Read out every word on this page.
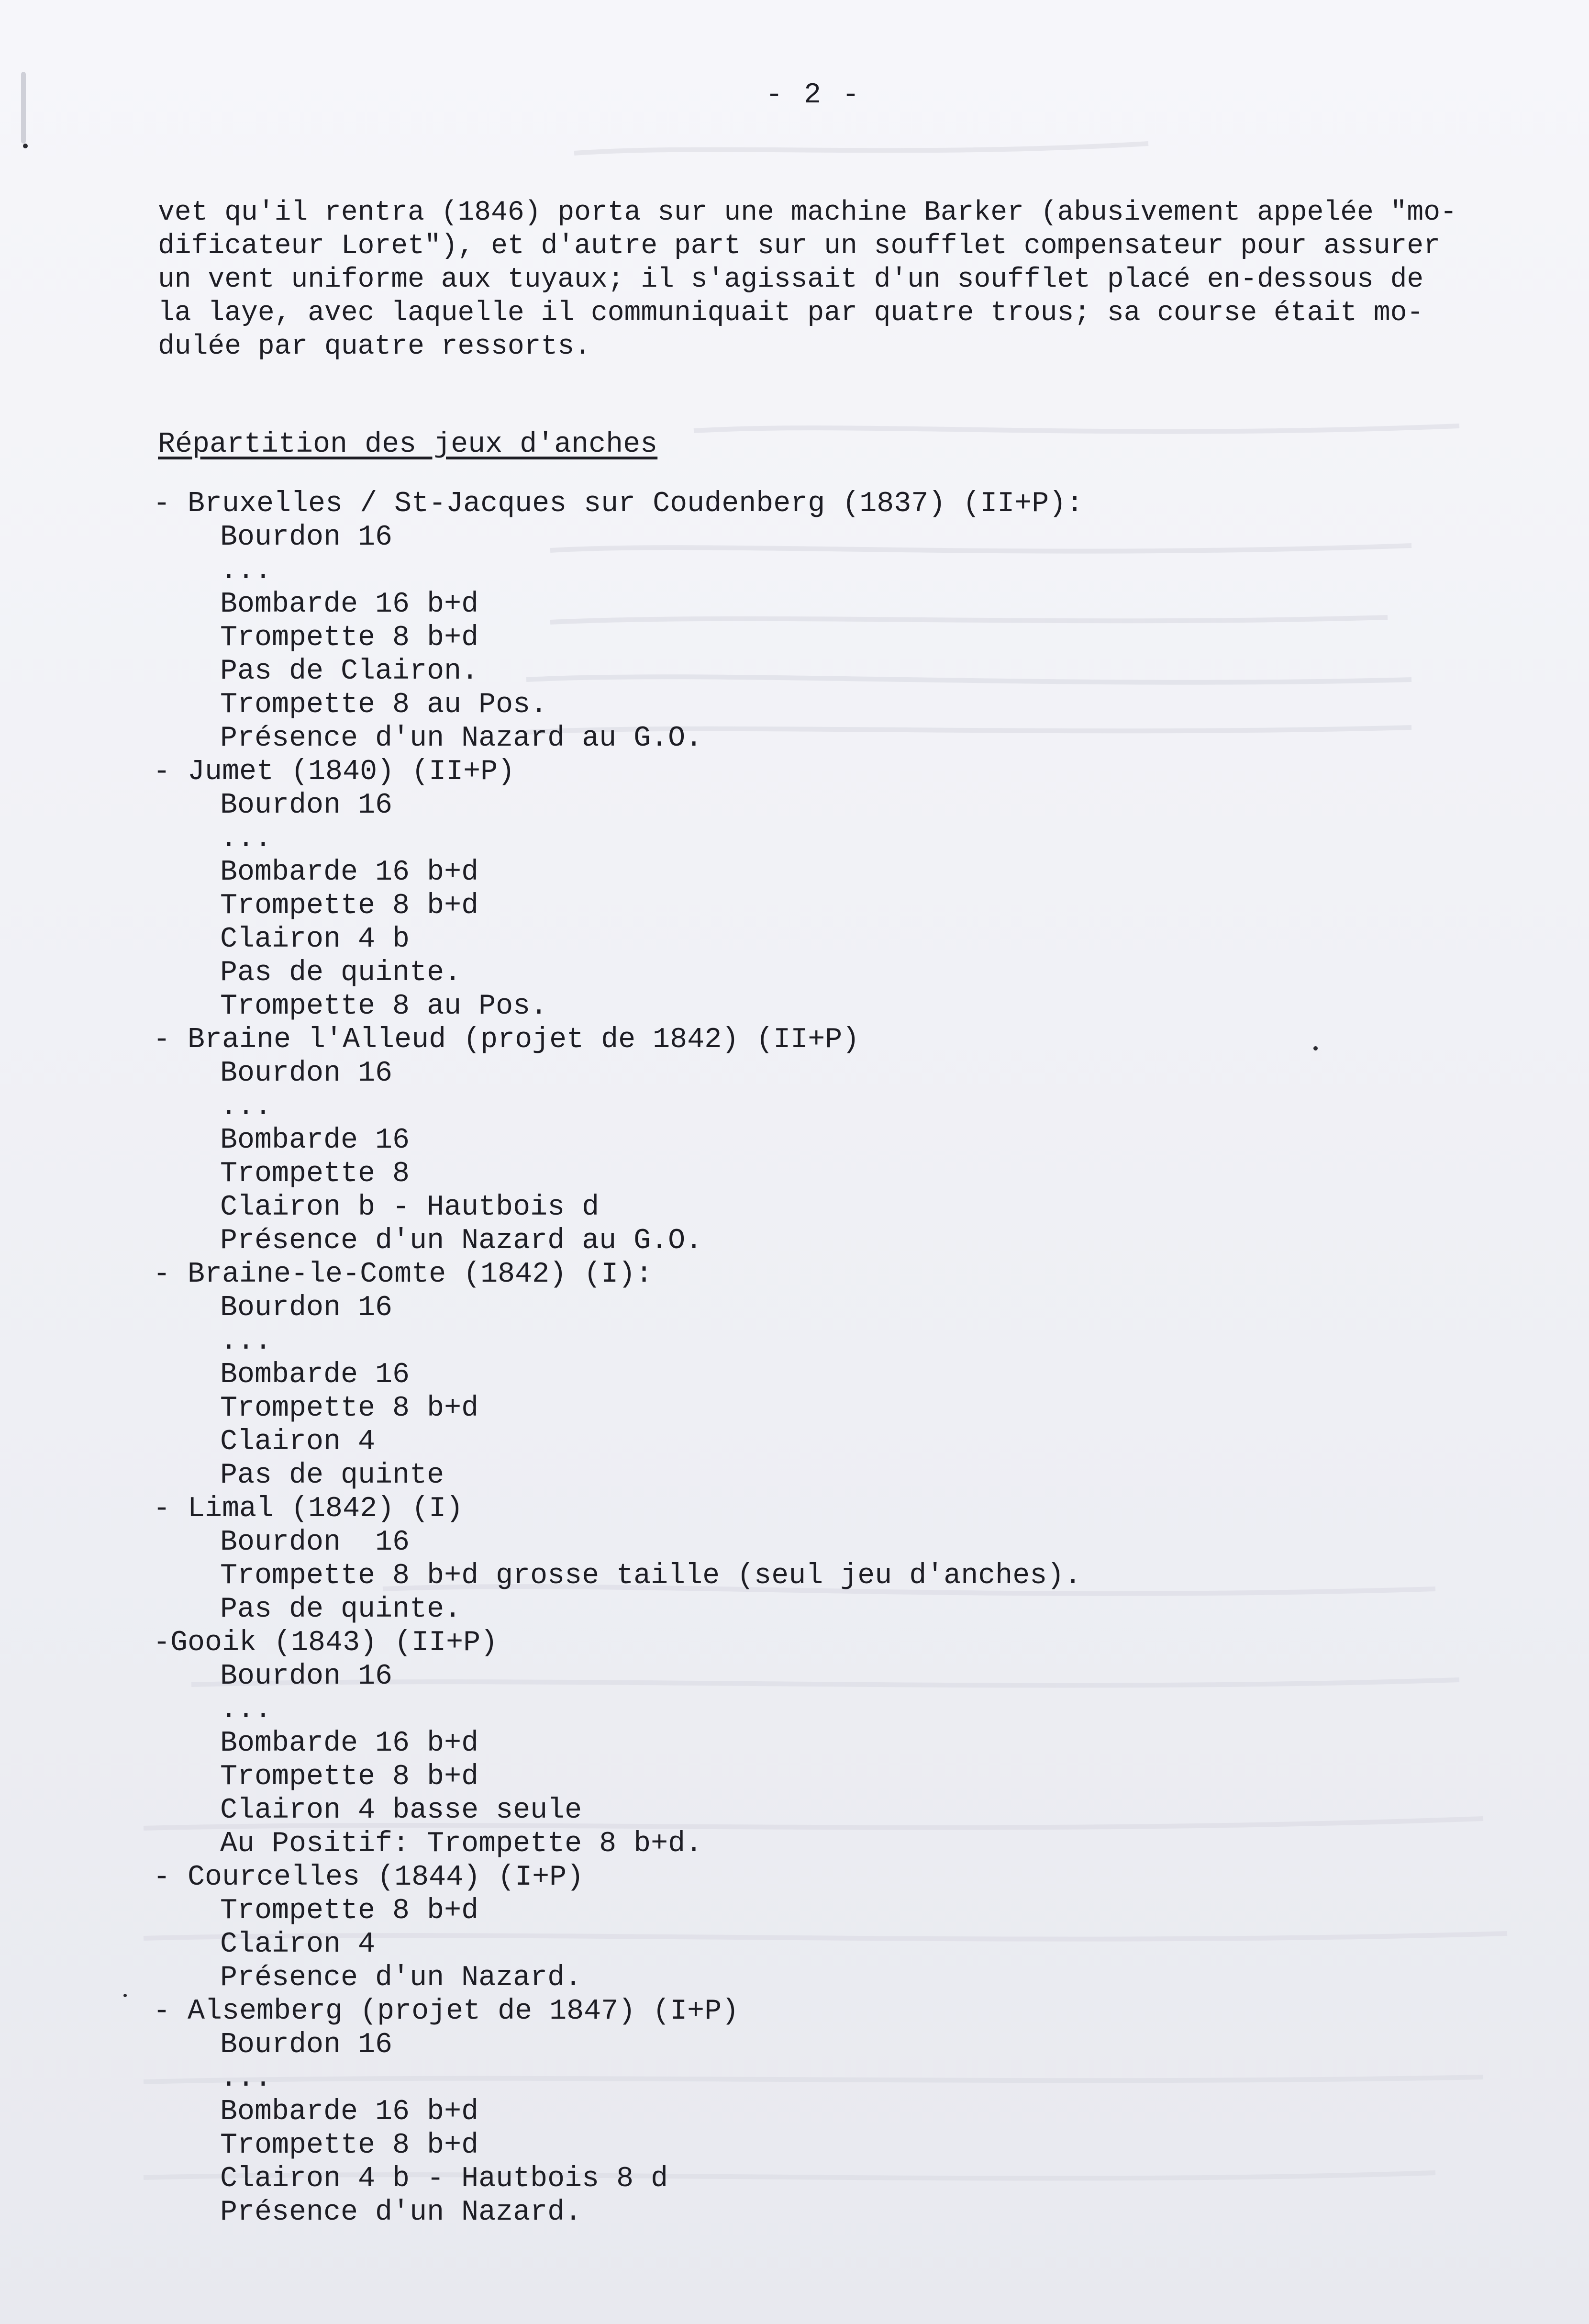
- 2 -

vet qu'il rentra (1846) porta sur une machine Barker (abusivement appelée "mo-
dificateur Loret"), et d'autre part sur un soufflet compensateur pour assurer
un vent uniforme aux tuyaux; il s'agissait d'un soufflet placé en-dessous de
la laye, avec laquelle il communiquait par quatre trous; sa course était mo-
dulée par quatre ressorts.

Répartition des jeux d'anches
- Bruxelles / St-Jacques sur Coudenberg (1837) (II+P):
Bourdon 16
...
Bombarde 16 b+d
Trompette 8 b+d
Pas de Clairon.
Trompette 8 au Pos.
Présence d'un Nazard au G.O.
- Jumet (1840) (II+P)
Bourdon 16
...
Bombarde 16 b+d
Trompette 8 b+d
Clairon 4 b
Pas de quinte.
Trompette 8 au Pos.
- Braine l'Alleud (projet de 1842) (II+P)
Bourdon 16
...
Bombarde 16
Trompette 8
Clairon b - Hautbois d
Présence d'un Nazard au G.O.
- Braine-le-Comte (1842) (I):
Bourdon 16
...
Bombarde 16
Trompette 8 b+d
Clairon 4
Pas de quinte
- Limal (1842) (I)
Bourdon  16
Trompette 8 b+d grosse taille (seul jeu d'anches).
Pas de quinte.
-Gooik (1843) (II+P)
Bourdon 16
...
Bombarde 16 b+d
Trompette 8 b+d
Clairon 4 basse seule
Au Positif: Trompette 8 b+d.
- Courcelles (1844) (I+P)
Trompette 8 b+d
Clairon 4
Présence d'un Nazard.
- Alsemberg (projet de 1847) (I+P)
Bourdon 16
...
Bombarde 16 b+d
Trompette 8 b+d
Clairon 4 b - Hautbois 8 d
Présence d'un Nazard.
